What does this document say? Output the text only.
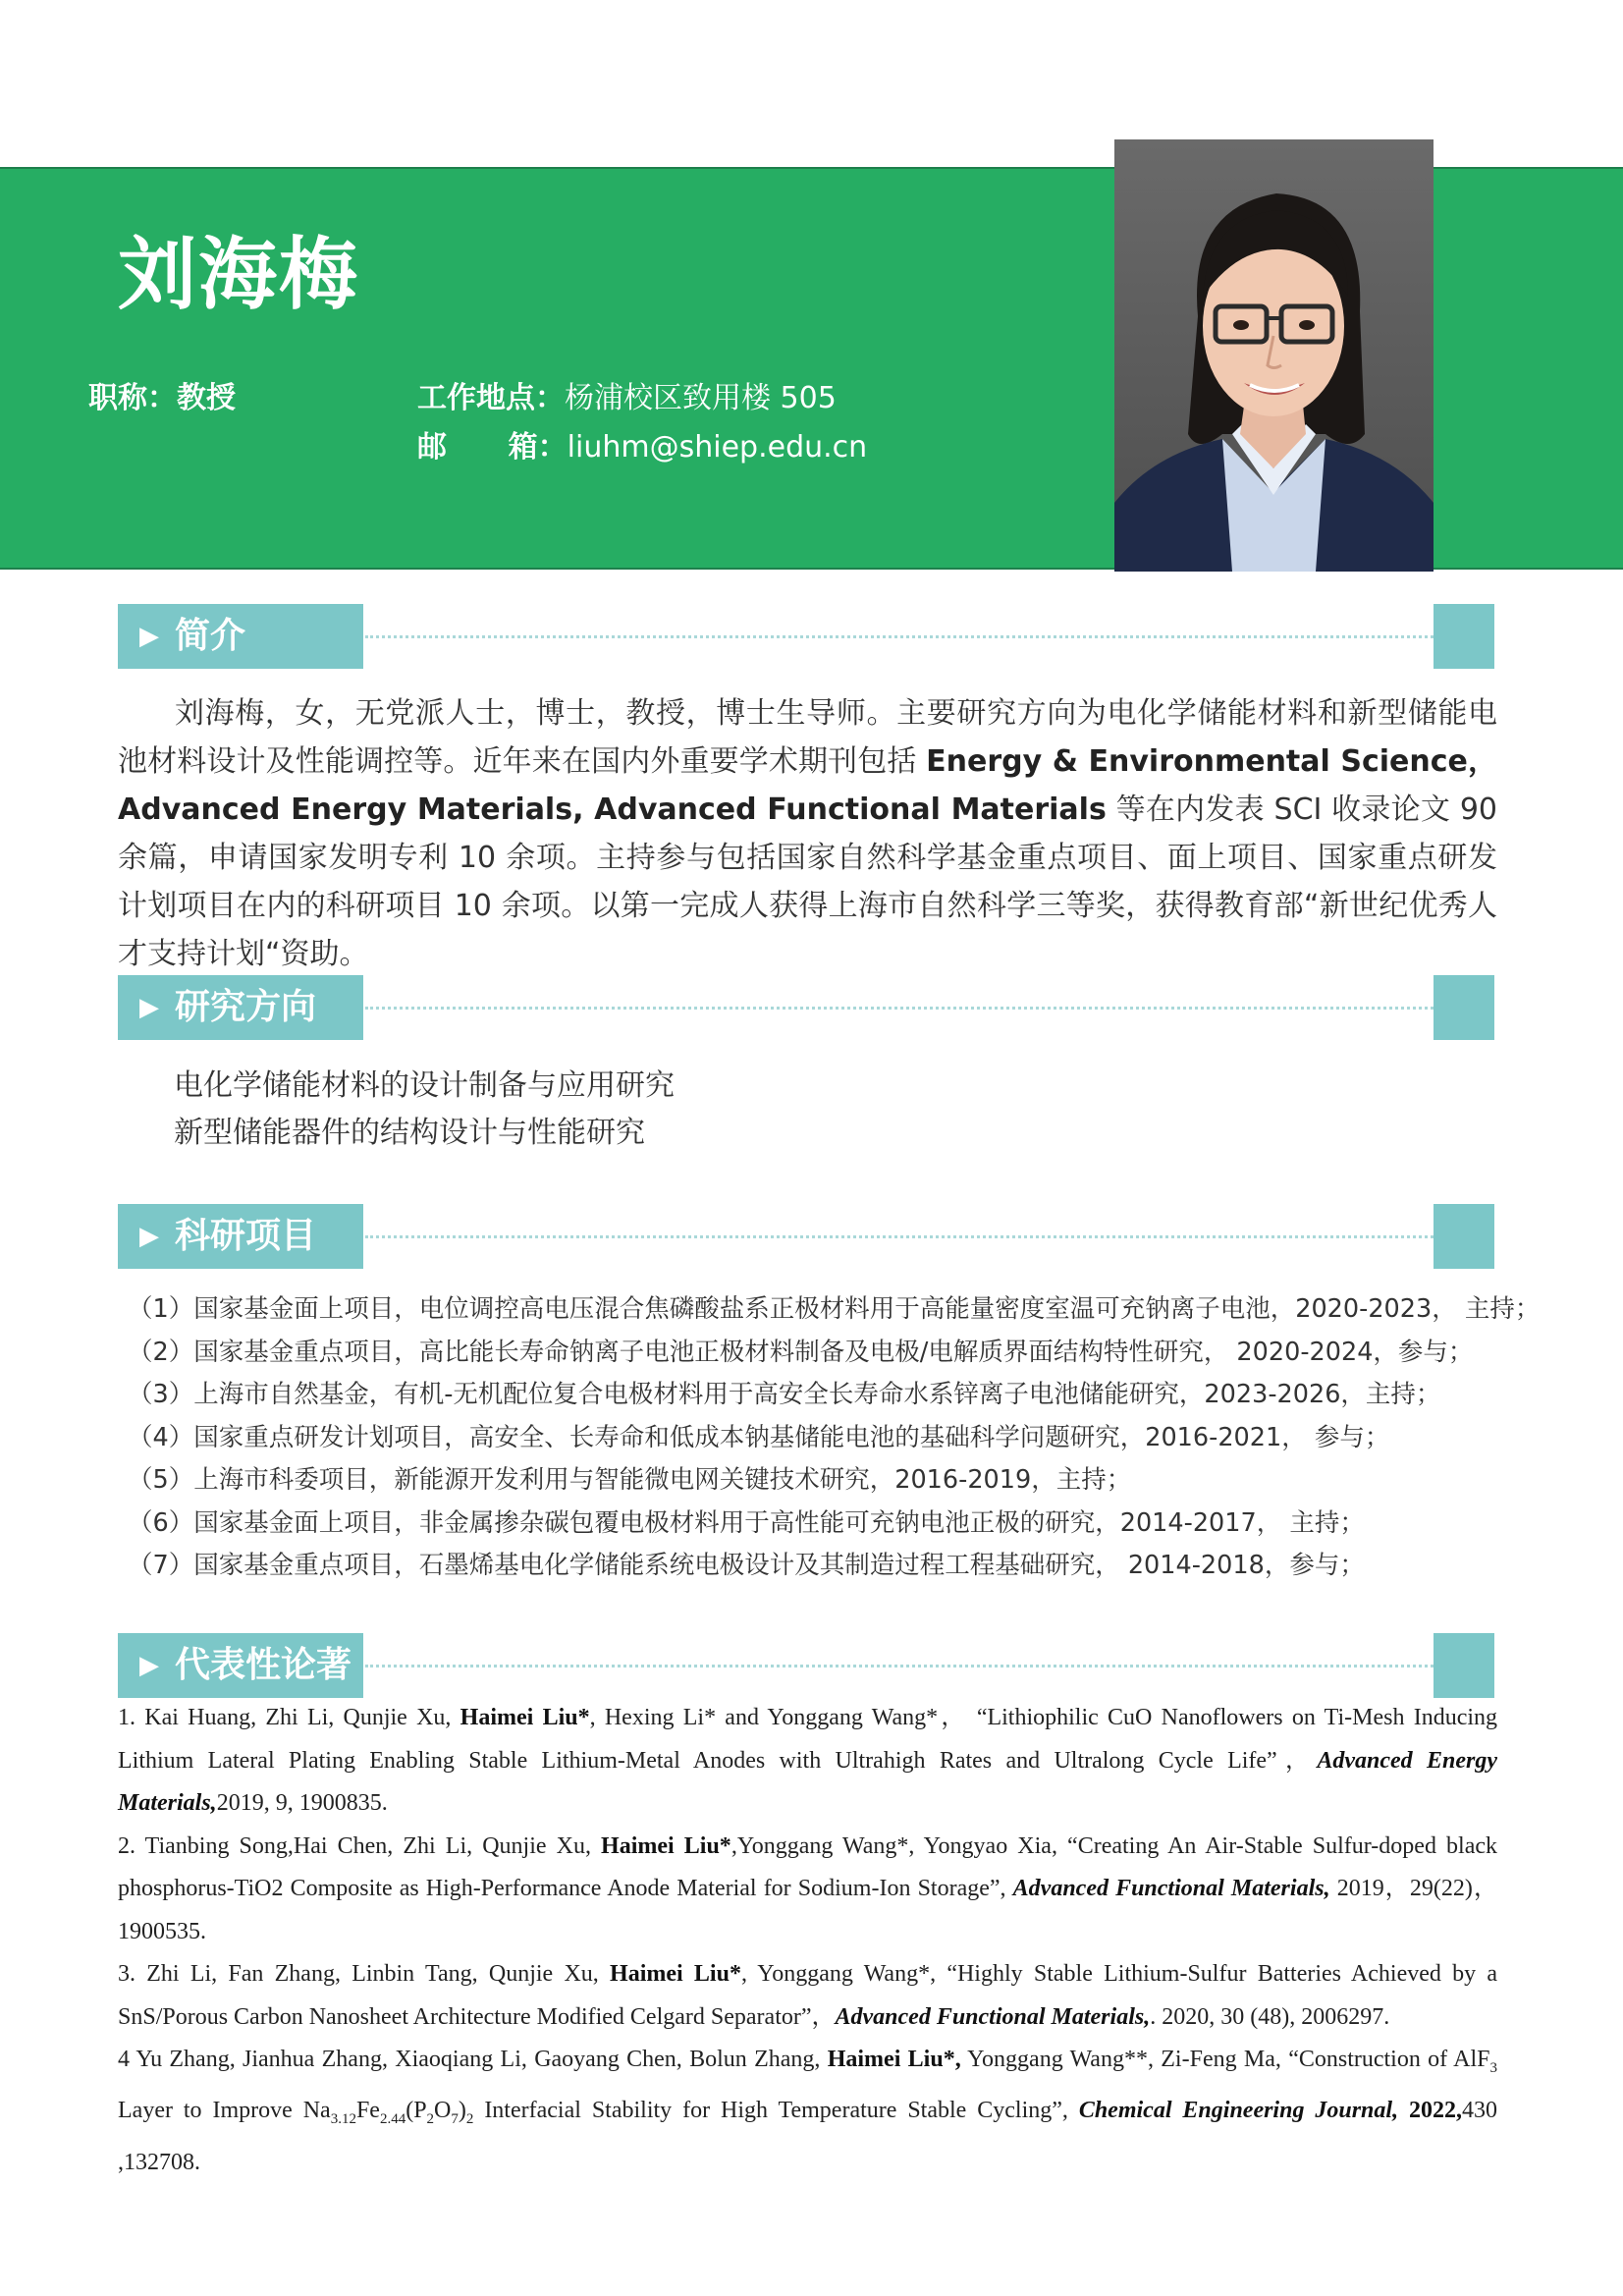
刘海梅
职称：教授	工作地点：杨浦校区致用楼 505
邮      箱：liuhm@shiep.edu.cn
▶ 简介
刘海梅，女，无党派人士，博士，教授，博士生导师。主要研究方向为电化学储能材料和新型储能电池材料设计及性能调控等。近年来在国内外重要学术期刊包括 Energy & Environmental Science，Advanced Energy Materials, Advanced Functional Materials 等在内发表 SCI 收录论文 90 余篇，申请国家发明专利 10 余项。主持参与包括国家自然科学基金重点项目、面上项目、国家重点研发计划项目在内的科研项目 10 余项。以第一完成人获得上海市自然科学三等奖，获得教育部“新世纪优秀人才支持计划“资助。
▶ 研究方向
电化学储能材料的设计制备与应用研究
新型储能器件的结构设计与性能研究
▶ 科研项目
（1）国家基金面上项目，电位调控高电压混合焦磷酸盐系正极材料用于高能量密度室温可充钠离子电池，2020-2023， 主持；
（2）国家基金重点项目，高比能长寿命钠离子电池正极材料制备及电极/电解质界面结构特性研究， 2020-2024，参与；
（3）上海市自然基金，有机-无机配位复合电极材料用于高安全长寿命水系锌离子电池储能研究，2023-2026，主持；
（4）国家重点研发计划项目，高安全、长寿命和低成本钠基储能电池的基础科学问题研究，2016-2021， 参与；
（5）上海市科委项目，新能源开发利用与智能微电网关键技术研究，2016-2019，主持；
（6）国家基金面上项目，非金属掺杂碳包覆电极材料用于高性能可充钠电池正极的研究，2014-2017， 主持；
（7）国家基金重点项目，石墨烯基电化学储能系统电极设计及其制造过程工程基础研究， 2014-2018，参与；
▶ 代表性论著

1. Kai Huang, Zhi Li, Qunjie Xu, Haimei Liu*, Hexing Li* and Yonggang Wang*， “Lithiophilic CuO Nanoflowers on Ti-Mesh Inducing Lithium Lateral Plating Enabling Stable Lithium-Metal Anodes with Ultrahigh Rates and Ultralong Cycle Life”，Advanced Energy Materials,2019, 9, 1900835.

2. Tianbing Song,Hai Chen, Zhi Li, Qunjie Xu, Haimei Liu*,Yonggang Wang*, Yongyao Xia, “Creating An Air-Stable Sulfur-doped black phosphorus-TiO2 Composite as High-Performance Anode Material for Sodium-Ion Storage”, Advanced Functional Materials, 2019，29(22)，1900535.

3. Zhi Li, Fan Zhang, Linbin Tang, Qunjie Xu, Haimei Liu*, Yonggang Wang*, “Highly Stable Lithium-Sulfur Batteries Achieved by a SnS/Porous Carbon Nanosheet Architecture Modified Celgard Separator”，Advanced Functional Materials,. 2020, 30 (48), 2006297.

4 Yu Zhang, Jianhua Zhang, Xiaoqiang Li, Gaoyang Chen, Bolun Zhang, Haimei Liu*, Yonggang Wang**, Zi-Feng Ma, “Construction of AlF$_3$ Layer to Improve $Na_{3.12}Fe_{2.44}(P_2O_7)_2$ Interfacial Stability for High Temperature Stable Cycling”, Chemical Engineering Journal, 2022,430 ,132708.
